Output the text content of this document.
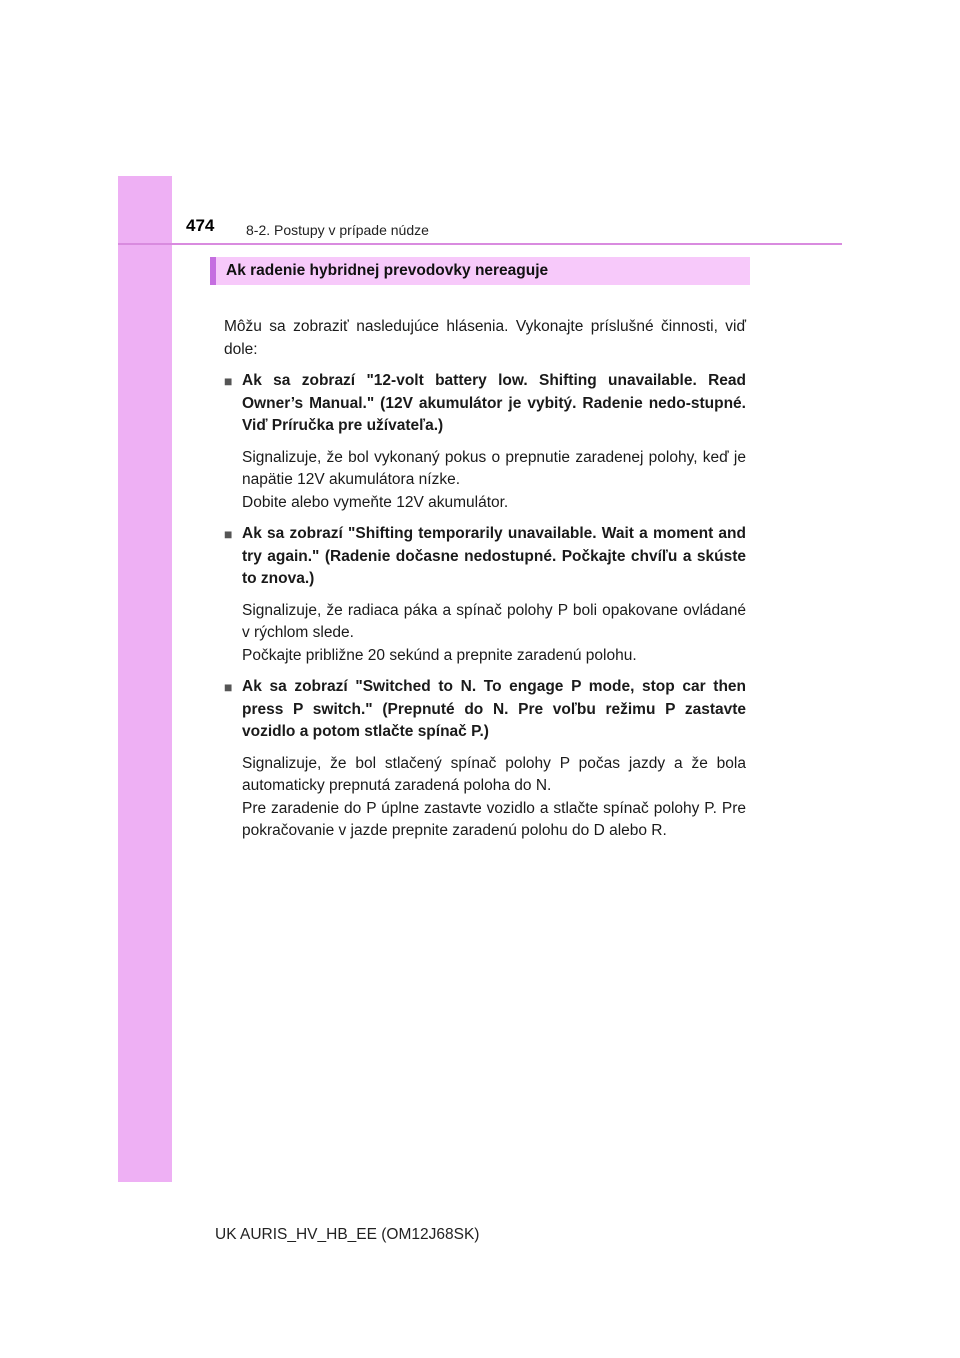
474 8-2. Postupy v prípade núdze
Ak radenie hybridnej prevodovky nereaguje

Môžu sa zobraziť nasledujúce hlásenia. Vykonajte príslušné činnosti, viď dole:

■ Ak sa zobrazí "12-volt battery low. Shifting unavailable. Read Owner’s Manual." (12V akumulátor je vybitý. Radenie nedo-stupné. Viď Príručka pre užívateľa.)

Signalizuje, že bol vykonaný pokus o prepnutie zaradenej polohy, keď je napätie 12V akumulátora nízke.

Dobite alebo vymeňte 12V akumulátor.

■ Ak sa zobrazí "Shifting temporarily unavailable. Wait a moment and try again." (Radenie dočasne nedostupné. Počkajte chvíľu a skúste to znova.)

Signalizuje, že radiaca páka a spínač polohy P boli opakovane ovládané v rýchlom slede.

Počkajte približne 20 sekúnd a prepnite zaradenú polohu.

■ Ak sa zobrazí "Switched to N. To engage P mode, stop car then press P switch." (Prepnuté do N. Pre voľbu režimu P zastavte vozidlo a potom stlačte spínač P.)

Signalizuje, že bol stlačený spínač polohy P počas jazdy a že bola automaticky prepnutá zaradená poloha do N.

Pre zaradenie do P úplne zastavte vozidlo a stlačte spínač polohy P. Pre pokračovanie v jazde prepnite zaradenú polohu do D alebo R.

UK AURIS_HV_HB_EE (OM12J68SK)
